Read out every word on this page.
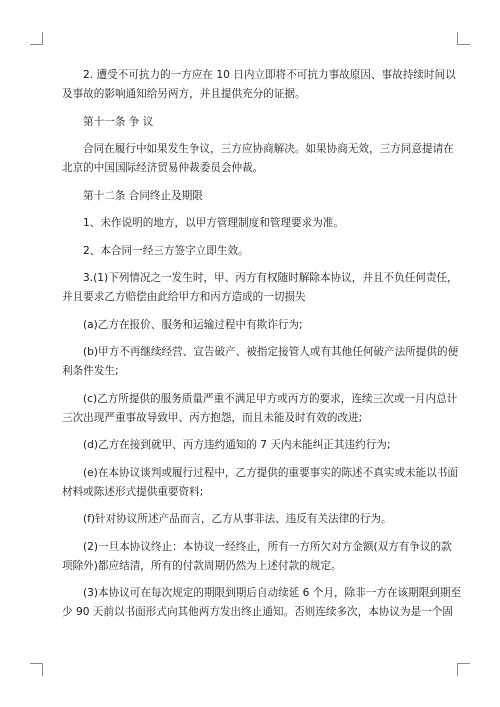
2. 遭受不可抗力的一方应在 10 日内立即将不可抗力事故原因、事故持续时间以

及事故的影响通知给另两方，并且提供充分的证据。

第十一条 争 议

合同在履行中如果发生争议，三方应协商解决。如果协商无效，三方同意提请在

北京的中国国际经济贸易仲裁委员会仲裁。

第十二条 合同终止及期限

1、未作说明的地方，以甲方管理制度和管理要求为准。

2、本合同一经三方签字立即生效。

3.(1)下列情况之一发生时，甲、丙方有权随时解除本协议，并且不负任何责任，

并且要求乙方赔偿由此给甲方和丙方造成的一切损失

(a)乙方在报价、服务和运输过程中有欺诈行为;

(b)甲方不再继续经营、宣告破产、被指定接管人或有其他任何破产法所提供的便

利条件发生;

(c)乙方所提供的服务质量严重不满足甲方或丙方的要求，连续三次或一月内总计

三次出现严重事故导致甲、丙方抱怨，而且未能及时有效的改进;

(d)乙方在接到就甲、丙方违约通知的 7 天内未能纠正其违约行为;

(e)在本协议谈判或履行过程中，乙方提供的重要事实的陈述不真实或未能以书面

材料或陈述形式提供重要资料;

(f)针对协议所述产品而言，乙方从事非法、违反有关法律的行为。

(2)一旦本协议终止：本协议一经终止，所有一方所欠对方金额(双方有争议的款

项除外)都应结清，所有的付款周期仍然为上述付款的规定。

(3)本协议可在每次规定的期限到期后自动续延 6 个月，除非一方在该期限到期至

少 90 天前以书面形式向其他两方发出终止通知。否则连续多次，本协议为是一个固
